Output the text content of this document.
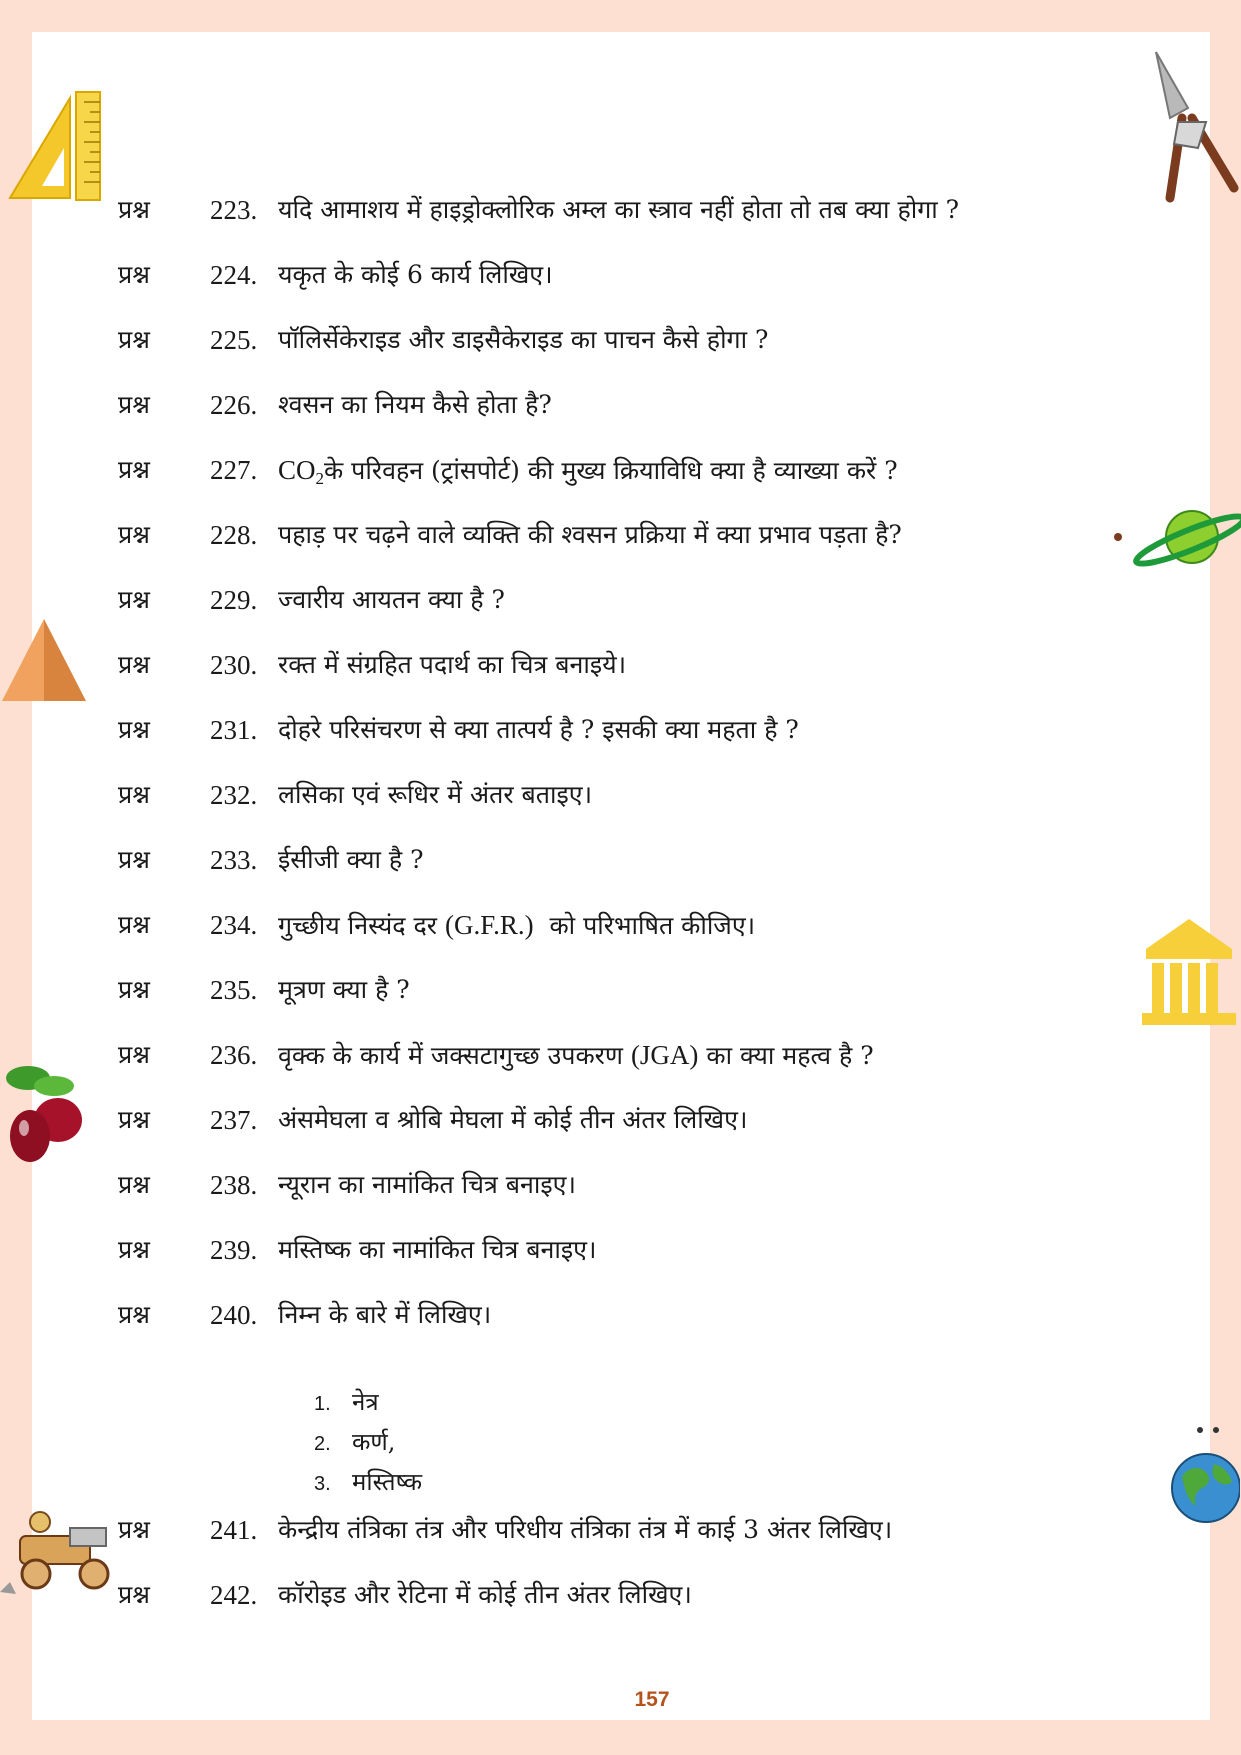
प्रश्न 223. यदि आमाशय में हाइड्रोक्लोरिक अम्ल का स्त्राव नहीं होता तो तब क्या होगा ?
प्रश्न 224. यकृत के कोई 6 कार्य लिखिए।
प्रश्न 225. पॉलिर्सेकेराइड और डाइसैकेराइड का पाचन कैसे होगा ?
प्रश्न 226. श्वसन का नियम कैसे होता है?
प्रश्न 227. $CO_2के$ परिवहन (ट्रांसपोर्ट) की मुख्य क्रियाविधि क्या है व्याख्या करें ?
प्रश्न 228. पहाड़ पर चढ़ने वाले व्यक्ति की श्वसन प्रक्रिया में क्या प्रभाव पड़ता है?
प्रश्न 229. ज्वारीय आयतन क्या है ?
प्रश्न 230. रक्त में संग्रहित पदार्थ का चित्र बनाइये।
प्रश्न 231. दोहरे परिसंचरण से क्या तात्पर्य है ? इसकी क्या महता है ?
प्रश्न 232. लसिका एवं रूधिर में अंतर बताइए।
प्रश्न 233. ईसीजी क्या है ?
प्रश्न 234. गुच्छीय निस्यंद दर (G.F.R.)  को परिभाषित कीजिए।
प्रश्न 235. मूत्रण क्या है ?
प्रश्न 236. वृक्क के कार्य में जक्सटागुच्छ उपकरण (JGA) का क्या महत्व है ?
प्रश्न 237. अंसमेघला व श्रोबि मेघला में कोई तीन अंतर लिखिए।
प्रश्न 238. न्यूरान का नामांकित चित्र बनाइए।
प्रश्न 239. मस्तिष्क का नामांकित चित्र बनाइए।
प्रश्न 240. निम्न के बारे में लिखिए।
1. नेत्र
2. कर्ण,
3. मस्तिष्क
प्रश्न 241. केन्द्रीय तंत्रिका तंत्र और परिधीय तंत्रिका तंत्र में काई 3 अंतर लिखिए।
प्रश्न 242. कॉरोइड और रेटिना में कोई तीन अंतर लिखिए।
157
